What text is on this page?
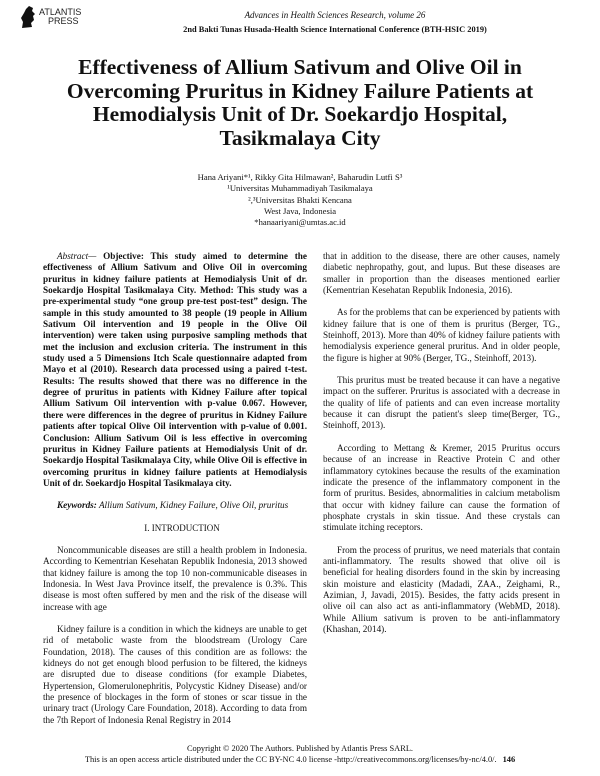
ATLANTIS
PRESS
Advances in Health Sciences Research, volume 26
2nd Bakti Tunas Husada-Health Science International Conference (BTH-HSIC 2019)
Effectiveness of Allium Sativum and Olive Oil in Overcoming Pruritus in Kidney Failure Patients at Hemodialysis Unit of Dr. Soekardjo Hospital, Tasikmalaya City
Hana Ariyani*¹, Rikky Gita Hilmawan², Baharudin Lutfi S³
¹Universitas Muhammadiyah Tasikmalaya
²,³Universitas Bhakti Kencana
West Java, Indonesia
*hanaariyani@umtas.ac.id

Abstract— Objective: This study aimed to determine the effectiveness of Allium Sativum and Olive Oil in overcoming pruritus in kidney failure patients at Hemodialysis Unit of dr. Soekardjo Hospital Tasikmalaya City. Method: This study was a pre-experimental study “one group pre-test post-test” design. The sample in this study amounted to 38 people (19 people in Allium Sativum Oil intervention and 19 people in the Olive Oil intervention) were taken using purposive sampling methods that met the inclusion and exclusion criteria. The instrument in this study used a 5 Dimensions Itch Scale questionnaire adapted from Mayo et al (2010). Research data processed using a paired t-test. Results: The results showed that there was no difference in the degree of pruritus in patients with Kidney Failure after topical Allium Sativum Oil intervention with p-value 0.067. However, there were differences in the degree of pruritus in Kidney Failure patients after topical Olive Oil intervention with p-value of 0.001. Conclusion: Allium Sativum Oil is less effective in overcoming pruritus in Kidney Failure patients at Hemodialysis Unit of dr. Soekardjo Hospital Tasikmalaya City, while Olive Oil is effective in overcoming pruritus in kidney failure patients at Hemodialysis Unit of dr. Soekardjo Hospital Tasikmalaya city.

Keywords: Allium Sativum, Kidney Failure, Olive Oil, pruritus

I. INTRODUCTION

Noncommunicable diseases are still a health problem in Indonesia. According to Kementrian Kesehatan Republik Indonesia, 2013 showed that kidney failure is among the top 10 non-communicable diseases in Indonesia. In West Java Province itself, the prevalence is 0.3%. This disease is most often suffered by men and the risk of the disease will increase with age

Kidney failure is a condition in which the kidneys are unable to get rid of metabolic waste from the bloodstream (Urology Care Foundation, 2018). The causes of this condition are as follows: the kidneys do not get enough blood perfusion to be filtered, the kidneys are disrupted due to disease conditions (for example Diabetes, Hypertension, Glomerulonephritis, Polycystic Kidney Disease) and/or the presence of blockages in the form of stones or scar tissue in the urinary tract (Urology Care Foundation, 2018). According to data from the 7th Report of Indonesia Renal Registry in 2014

that in addition to the disease, there are other causes, namely diabetic nephropathy, gout, and lupus. But these diseases are smaller in proportion than the diseases mentioned earlier (Kementrian Kesehatan Republik Indonesia, 2016).

As for the problems that can be experienced by patients with kidney failure that is one of them is pruritus (Berger, TG., Steinhoff, 2013). More than 40% of kidney failure patients with hemodialysis experience general pruritus. And in older people, the figure is higher at 90% (Berger, TG., Steinhoff, 2013).

This pruritus must be treated because it can have a negative impact on the sufferer. Pruritus is associated with a decrease in the quality of life of patients and can even increase mortality because it can disrupt the patient's sleep time(Berger, TG., Steinhoff, 2013).

According to Mettang & Kremer, 2015 Pruritus occurs because of an increase in Reactive Protein C and other inflammatory cytokines because the results of the examination indicate the presence of the inflammatory component in the form of pruritus. Besides, abnormalities in calcium metabolism that occur with kidney failure can cause the formation of phosphate crystals in skin tissue. And these crystals can stimulate itching receptors.

From the process of pruritus, we need materials that contain anti-inflammatory. The results showed that olive oil is beneficial for healing disorders found in the skin by increasing skin moisture and elasticity (Madadi, ZAA., Zeighami, R., Azimian, J, Javadi, 2015). Besides, the fatty acids present in olive oil can also act as anti-inflammatory (WebMD, 2018). While Allium sativum is proven to be anti-inflammatory (Khashan, 2014).

Copyright © 2020 The Authors. Published by Atlantis Press SARL.
This is an open access article distributed under the CC BY-NC 4.0 license -http://creativecommons.org/licenses/by-nc/4.0/. 146
